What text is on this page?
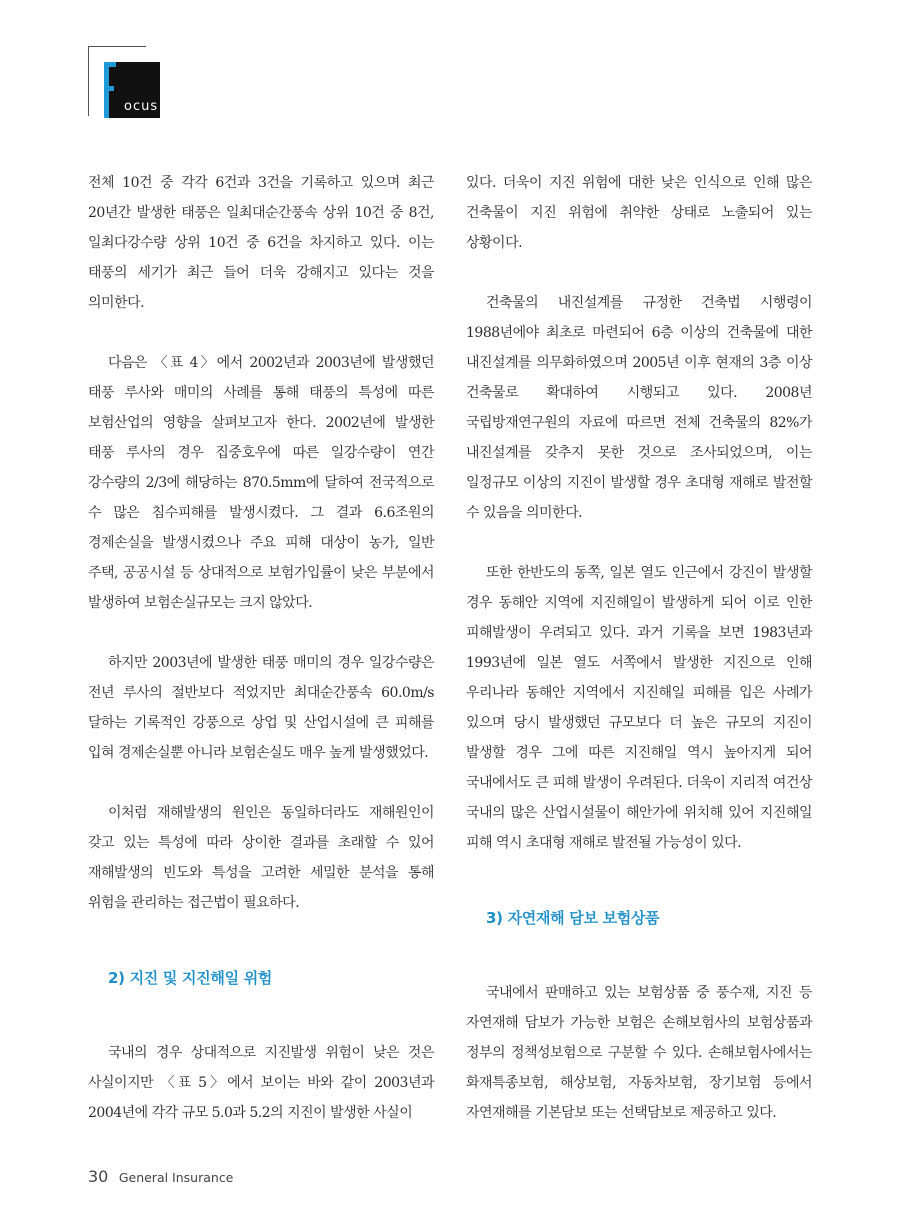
ocus

전체 10건 중 각각 6건과 3건을 기록하고 있으며 최근 20년간 발생한 태풍은 일최대순간풍속 상위 10건 중 8건, 일최다강수량 상위 10건 중 6건을 차지하고 있다. 이는 태풍의 세기가 최근 들어 더욱 강해지고 있다는 것을 의미한다.

다음은 〈표 4〉에서 2002년과 2003년에 발생했던 태풍 루사와 매미의 사례를 통해 태풍의 특성에 따른 보험산업의 영향을 살펴보고자 한다. 2002년에 발생한 태풍 루사의 경우 집중호우에 따른 일강수량이 연간 강수량의 2/3에 해당하는 870.5mm에 달하여 전국적으로 수 많은 침수피해를 발생시켰다. 그 결과 6.6조원의 경제손실을 발생시켰으나 주요 피해 대상이 농가, 일반 주택, 공공시설 등 상대적으로 보험가입률이 낮은 부분에서 발생하여 보험손실규모는 크지 않았다.

하지만 2003년에 발생한 태풍 매미의 경우 일강수량은 전년 루사의 절반보다 적었지만 최대순간풍속 60.0m/s 달하는 기록적인 강풍으로 상업 및 산업시설에 큰 피해를 입혀 경제손실뿐 아니라 보험손실도 매우 높게 발생했었다.

이처럼 재해발생의 원인은 동일하더라도 재해원인이 갖고 있는 특성에 따라 상이한 결과를 초래할 수 있어 재해발생의 빈도와 특성을 고려한 세밀한 분석을 통해 위험을 관리하는 접근법이 필요하다.

2) 지진 및 지진해일 위험

국내의 경우 상대적으로 지진발생 위험이 낮은 것은 사실이지만 〈표 5〉에서 보이는 바와 같이 2003년과 2004년에 각각 규모 5.0과 5.2의 지진이 발생한 사실이

있다. 더욱이 지진 위험에 대한 낮은 인식으로 인해 많은 건축물이 지진 위험에 취약한 상태로 노출되어 있는 상황이다.

건축물의 내진설계를 규정한 건축법 시행령이 1988년에야 최초로 마련되어 6층 이상의 건축물에 대한 내진설계를 의무화하였으며 2005년 이후 현재의 3층 이상 건축물로 확대하여 시행되고 있다. 2008년 국립방재연구원의 자료에 따르면 전체 건축물의 82%가 내진설계를 갖추지 못한 것으로 조사되었으며, 이는 일정규모 이상의 지진이 발생할 경우 초대형 재해로 발전할 수 있음을 의미한다.

또한 한반도의 동쪽, 일본 열도 인근에서 강진이 발생할 경우 동해안 지역에 지진해일이 발생하게 되어 이로 인한 피해발생이 우려되고 있다. 과거 기록을 보면 1983년과 1993년에 일본 열도 서쪽에서 발생한 지진으로 인해 우리나라 동해안 지역에서 지진해일 피해를 입은 사례가 있으며 당시 발생했던 규모보다 더 높은 규모의 지진이 발생할 경우 그에 따른 지진해일 역시 높아지게 되어 국내에서도 큰 피해 발생이 우려된다. 더욱이 지리적 여건상 국내의 많은 산업시설물이 해안가에 위치해 있어 지진해일 피해 역시 초대형 재해로 발전될 가능성이 있다.

3) 자연재해 담보 보험상품

국내에서 판매하고 있는 보험상품 중 풍수재, 지진 등 자연재해 담보가 가능한 보험은 손해보험사의 보험상품과 정부의 정책성보험으로 구분할 수 있다. 손해보험사에서는 화재특종보험, 해상보험, 자동차보험, 장기보험 등에서 자연재해를 기본담보 또는 선택담보로 제공하고 있다.

30 General Insurance
